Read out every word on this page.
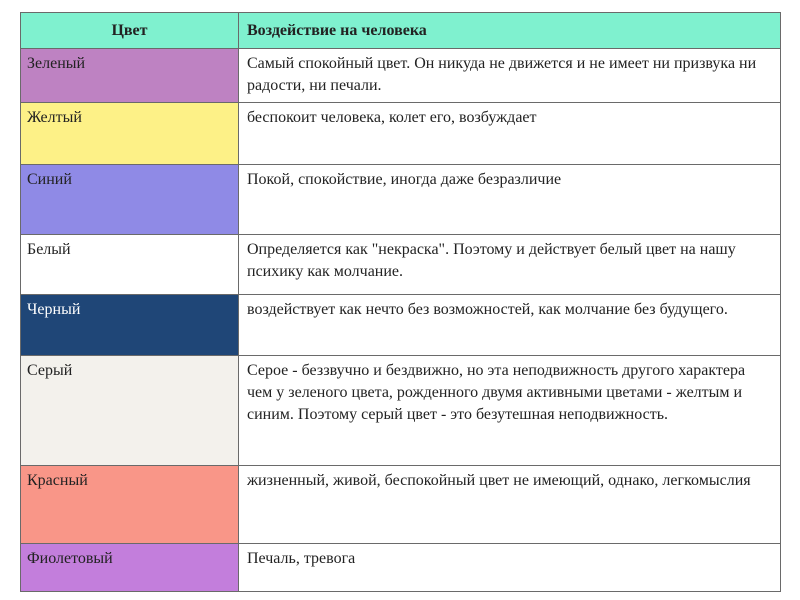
Цвет	Воздействие на человека
Зеленый	Самый спокойный цвет. Он никуда не движется и не имеет ни призвука ни радости, ни печали.
Желтый	беспокоит человека, колет его, возбуждает
Синий	Покой, спокойствие, иногда даже безразличие
Белый	Определяется как "некраска". Поэтому и действует белый цвет на нашу психику как молчание.
Черный	воздействует как нечто без возможностей, как молчание без будущего.
Серый	Серое - беззвучно и бездвижно, но эта неподвижность другого характера чем у зеленого цвета, рожденного двумя активными цветами - желтым и синим. Поэтому серый цвет - это безутешная неподвижность.
Красный	жизненный, живой, беспокойный цвет не имеющий, однако, легкомыслия
Фиолетовый	Печаль, тревога
